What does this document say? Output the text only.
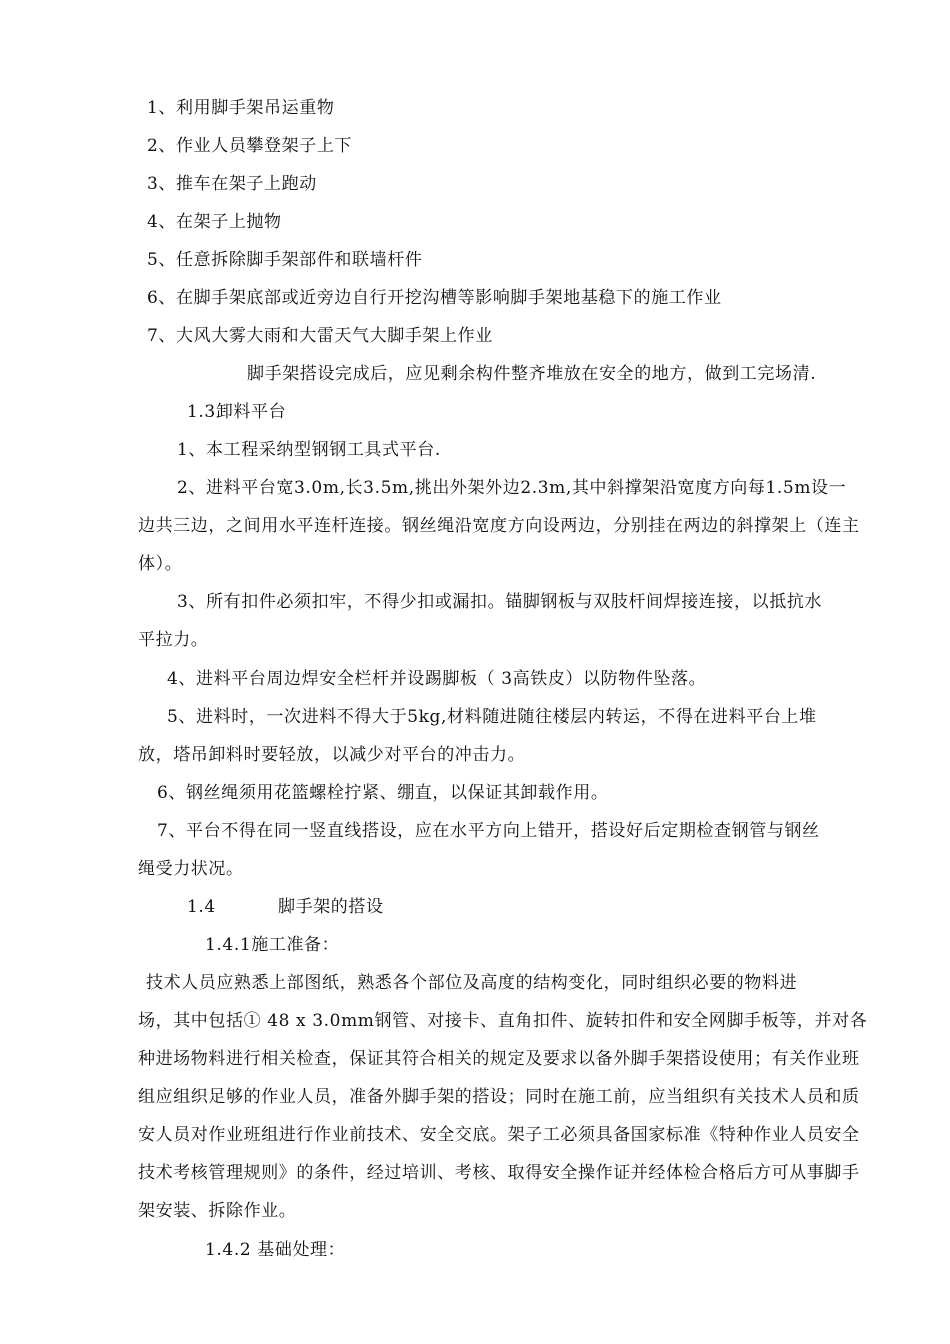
1、利用脚手架吊运重物
2、作业人员攀登架子上下
3、推车在架子上跑动
4、在架子上抛物
5、任意拆除脚手架部件和联墙杆件
6、在脚手架底部或近旁边自行开挖沟槽等影响脚手架地基稳下的施工作业
7、大风大雾大雨和大雷天气大脚手架上作业
脚手架搭设完成后，应见剩余构件整齐堆放在安全的地方，做到工完场清.
1.3卸料平台
1、本工程采纳型钢钢工具式平台.
2、进料平台宽3.0m,长3.5m,挑出外架外边2.3m,其中斜撑架沿宽度方向每1.5m设一
边共三边，之间用水平连杆连接。钢丝绳沿宽度方向设两边，分别挂在两边的斜撑架上（连主
体）。
3、所有扣件必须扣牢，不得少扣或漏扣。锚脚钢板与双肢杆间焊接连接，以抵抗水
平拉力。
4、进料平台周边焊安全栏杆并设踢脚板（ 3高铁皮）以防物件坠落。
5、进料时，一次进料不得大于5kg,材料随进随往楼层内转运，不得在进料平台上堆
放，塔吊卸料时要轻放，以减少对平台的冲击力。
6、钢丝绳须用花篮螺栓拧紧、绷直，以保证其卸载作用。
7、平台不得在同一竖直线搭设，应在水平方向上错开，搭设好后定期检查钢管与钢丝
绳受力状况。
1.4	脚手架的搭设
1.4.1施工准备：
技术人员应熟悉上部图纸，熟悉各个部位及高度的结构变化，同时组织必要的物料进
场，其中包括① 48 x 3.0mm钢管、对接卡、直角扣件、旋转扣件和安全网脚手板等，并对各
种进场物料进行相关检查，保证其符合相关的规定及要求以备外脚手架搭设使用；有关作业班
组应组织足够的作业人员，准备外脚手架的搭设；同时在施工前，应当组织有关技术人员和质
安人员对作业班组进行作业前技术、安全交底。架子工必须具备国家标准《特种作业人员安全
技术考核管理规则》的条件，经过培训、考核、取得安全操作证并经体检合格后方可从事脚手
架安装、拆除作业。
1.4.2 基础处理：
